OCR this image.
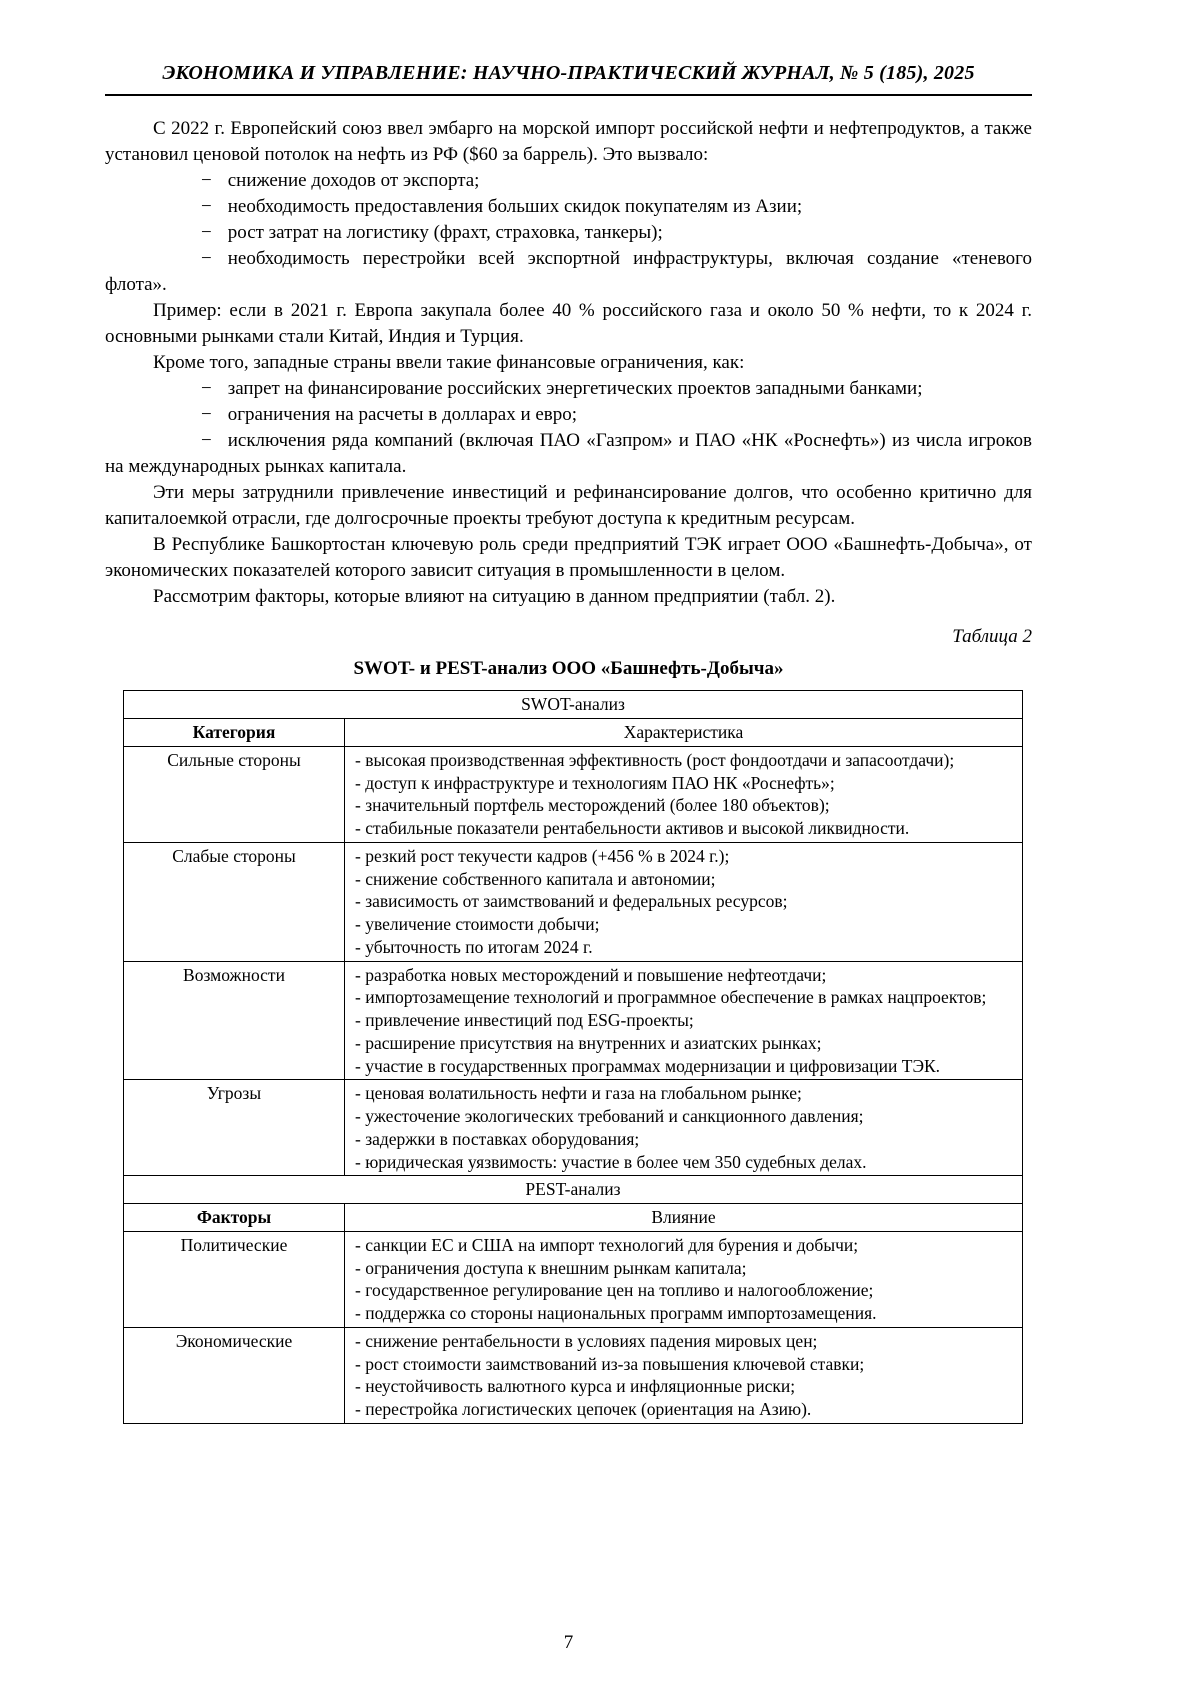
ЭКОНОМИКА И УПРАВЛЕНИЕ: НАУЧНО-ПРАКТИЧЕСКИЙ ЖУРНАЛ, № 5 (185), 2025

С 2022 г. Европейский союз ввел эмбарго на морской импорт российской нефти и нефтепродуктов, а также установил ценовой потолок на нефть из РФ ($60 за баррель). Это вызвало:

− снижение доходов от экспорта;

− необходимость предоставления больших скидок покупателям из Азии;

− рост затрат на логистику (фрахт, страховка, танкеры);

− необходимость перестройки всей экспортной инфраструктуры, включая создание «теневого флота».

Пример: если в 2021 г. Европа закупала более 40 % российского газа и около 50 % нефти, то к 2024 г. основными рынками стали Китай, Индия и Турция.

Кроме того, западные страны ввели такие финансовые ограничения, как:

− запрет на финансирование российских энергетических проектов западными банками;

− ограничения на расчеты в долларах и евро;

− исключения ряда компаний (включая ПАО «Газпром» и ПАО «НК «Роснефть») из числа игроков на международных рынках капитала.

Эти меры затруднили привлечение инвестиций и рефинансирование долгов, что особенно критично для капиталоемкой отрасли, где долгосрочные проекты требуют доступа к кредитным ресурсам.

В Республике Башкортостан ключевую роль среди предприятий ТЭК играет ООО «Башнефть-Добыча», от экономических показателей которого зависит ситуация в промышленности в целом.

Рассмотрим факторы, которые влияют на ситуацию в данном предприятии (табл. 2).

Таблица 2
SWOT- и PEST-анализ ООО «Башнефть-Добыча»
SWOT-анализ	
Категория	Характеристика
Сильные стороны	- высокая производственная эффективность (рост фондоотдачи и запасоотдачи);
- доступ к инфраструктуре и технологиям ПАО НК «Роснефть»;
- значительный портфель месторождений (более 180 объектов);
- стабильные показатели рентабельности активов и высокой ликвидности.

Слабые стороны	- резкий рост текучести кадров (+456 % в 2024 г.);
- снижение собственного капитала и автономии;
- зависимость от заимствований и федеральных ресурсов;
- увеличение стоимости добычи;
- убыточность по итогам 2024 г.

Возможности	- разработка новых месторождений и повышение нефтеотдачи;
- импортозамещение технологий и программное обеспечение в рамках нацпроектов;
- привлечение инвестиций под ESG-проекты;
- расширение присутствия на внутренних и азиатских рынках;
- участие в государственных программах модернизации и цифровизации ТЭК.

Угрозы	- ценовая волатильность нефти и газа на глобальном рынке;
- ужесточение экологических требований и санкционного давления;
- задержки в поставках оборудования;
- юридическая уязвимость: участие в более чем 350 судебных делах.

PEST-анализ	
Факторы	Влияние
Политические	- санкции ЕС и США на импорт технологий для бурения и добычи;
- ограничения доступа к внешним рынкам капитала;
- государственное регулирование цен на топливо и налогообложение;
- поддержка со стороны национальных программ импортозамещения.

Экономические	- снижение рентабельности в условиях падения мировых цен;
- рост стоимости заимствований из-за повышения ключевой ставки;
- неустойчивость валютного курса и инфляционные риски;
- перестройка логистических цепочек (ориентация на Азию).
7
